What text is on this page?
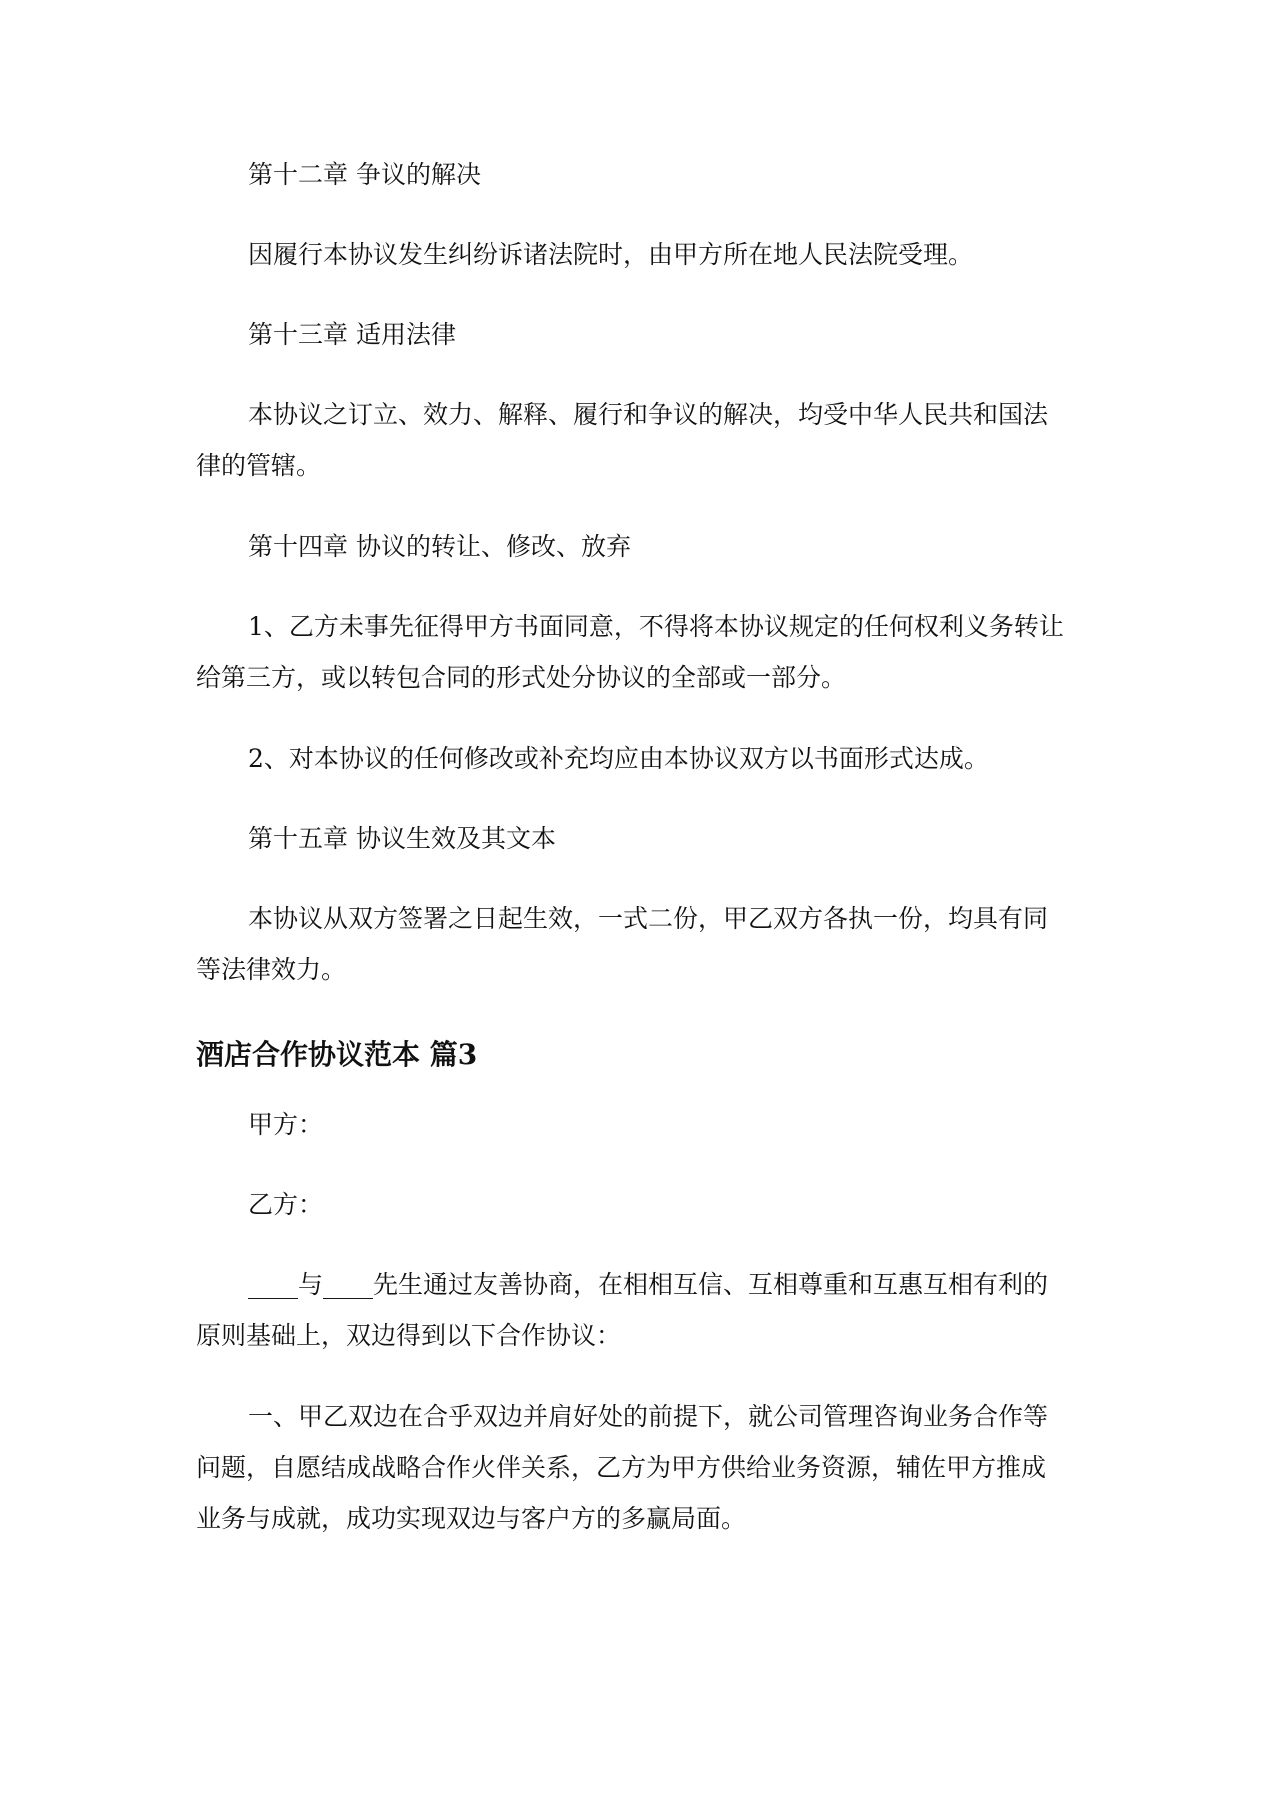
第十二章 争议的解决
因履行本协议发生纠纷诉诸法院时，由甲方所在地人民法院受理。
第十三章 适用法律
本协议之订立、效力、解释、履行和争议的解决，均受中华人民共和国法
律的管辖。
第十四章 协议的转让、修改、放弃
1、乙方未事先征得甲方书面同意，不得将本协议规定的任何权利义务转让
给第三方，或以转包合同的形式处分协议的全部或一部分。
2、对本协议的任何修改或补充均应由本协议双方以书面形式达成。
第十五章 协议生效及其文本
本协议从双方签署之日起生效，一式二份，甲乙双方各执一份，均具有同
等法律效力。
酒店合作协议范本 篇3
甲方：
乙方：
____与____先生通过友善协商，在相相互信、互相尊重和互惠互相有利的
原则基础上，双边得到以下合作协议：
一、甲乙双边在合乎双边并肩好处的前提下，就公司管理咨询业务合作等
问题，自愿结成战略合作火伴关系，乙方为甲方供给业务资源，辅佐甲方推成
业务与成就，成功实现双边与客户方的多赢局面。
